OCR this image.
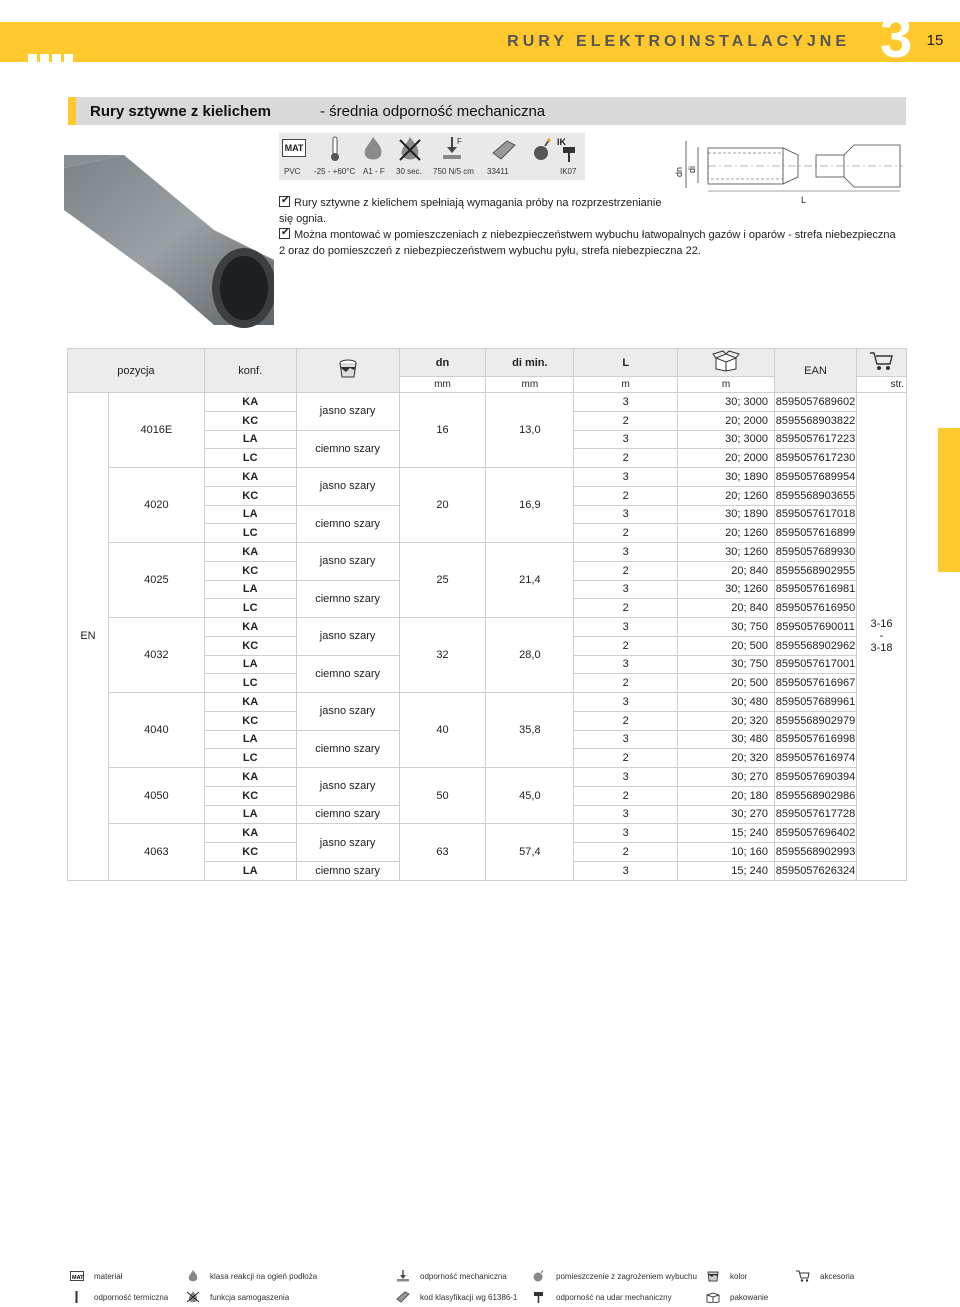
RURY ELEKTROINSTALACYJNE 3 15
Rury sztywne z kielichem	- średnia odporność mechaniczna
MAT
F	IK
PVC -25 - +60°C A1 - F 30 sec. 750 N/5 cm 33411	IK07	dn di
L
✔Rury sztywne z kielichem spełniają wymagania próby na rozprzestrzenianie
się ognia.
✔Można montować w pomieszczeniach z niebezpieczeństwem wybuchu łatwopalnych gazów i oparów - strefa niebezpieczna
2 oraz do pomieszczeń z niebezpieczeństwem wybuchu pyłu, strefa niebezpieczna 22.
pozycja		konf.		dn	di min.	L		EAN	
				mm	mm	m	m		str.
EN	4016E	KA	jasno szary	16	13,0	3	30; 3000	8595057689602	3-16
-
3-18

		KC				2	20; 2000	8595568903822	
		LA	ciemno szary			3	30; 3000	8595057617223	
		LC				2	20; 2000	8595057617230	
	4020	KA	jasno szary	20	16,9	3	30; 1890	8595057689954	
		KC				2	20; 1260	8595568903655	
		LA	ciemno szary			3	30; 1890	8595057617018	
		LC				2	20; 1260	8595057616899	
	4025	KA	jasno szary	25	21,4	3	30; 1260	8595057689930	
		KC				2	20; 840	8595568902955	
		LA	ciemno szary			3	30; 1260	8595057616981	
		LC				2	20; 840	8595057616950	
	4032	KA	jasno szary	32	28,0	3	30; 750	8595057690011	
		KC				2	20; 500	8595568902962	
		LA	ciemno szary			3	30; 750	8595057617001	
		LC				2	20; 500	8595057616967	
	4040	KA	jasno szary	40	35,8	3	30; 480	8595057689961	
		KC				2	20; 320	8595568902979	
		LA	ciemno szary			3	30; 480	8595057616998	
		LC				2	20; 320	8595057616974	
	4050	KA	jasno szary	50	45,0	3	30; 270	8595057690394	
		KC				2	20; 180	8595568902986	
		LA	ciemno szary			3	30; 270	8595057617728	
	4063	KA	jasno szary	63	57,4	3	15; 240	8595057696402	
		KC				2	10; 160	8595568902993	
		LA	ciemno szary			3	15; 240	8595057626324	
MAT materiał	klasa reakcji na ogień podłoża	odporność mechaniczna	pomieszczenie z zagrożeniem wybuchu	kolor	akcesoria
odporność termiczna	funkcja samogaszenia	kod klasyfikacji wg 61386-1	odporność na udar mechaniczny	pakowanie
